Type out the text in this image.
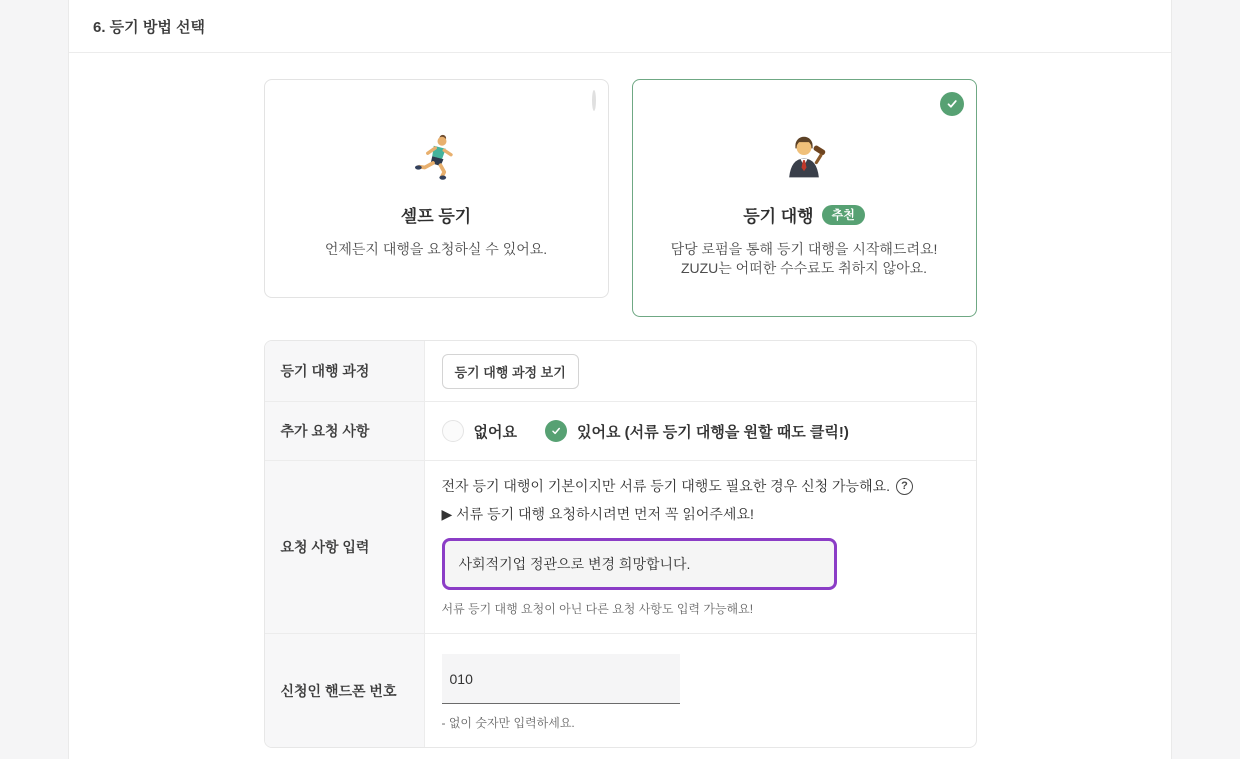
6. 등기 방법 선택
셀프 등기
언제든지 대행을 요청하실 수 있어요.
등기 대행	추천
담당 로펌을 통해 등기 대행을 시작해드려요!
ZUZU는 어떠한 수수료도 취하지 않아요.
등기 대행 과정	등기 대행 과정 보기
추가 요청 사항	없어요	있어요 (서류 등기 대행을 원할 때도 클릭!)
요청 사항 입력
전자 등기 대행이 기본이지만 서류 등기 대행도 필요한 경우 신청 가능해요.	?
▶ 서류 등기 대행 요청하시려면 먼저 꼭 읽어주세요!
사회적기업 정관으로 변경 희망합니다.
서류 등기 대행 요청이 아닌 다른 요청 사항도 입력 가능해요!
신청인 핸드폰 번호
010
- 없이 숫자만 입력하세요.
